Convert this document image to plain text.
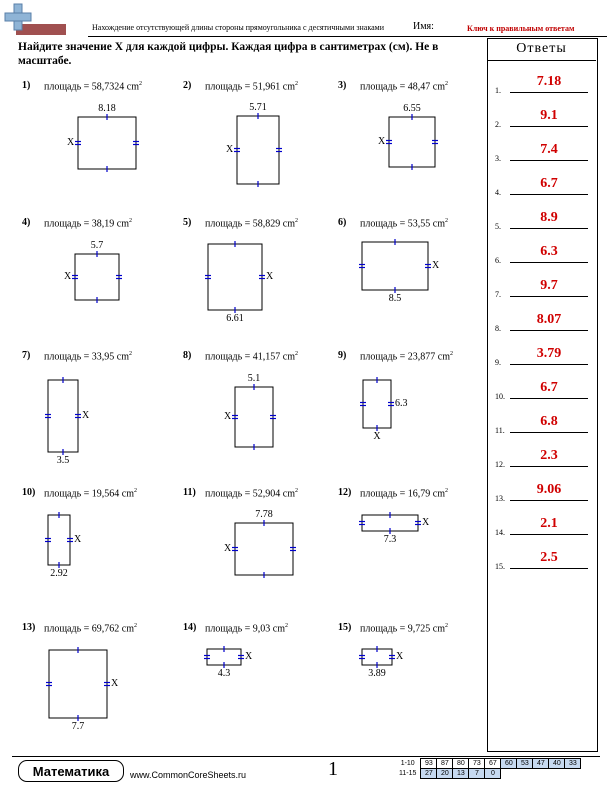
Нахождение отсутствующей длины стороны прямоугольника с десятичными знаками	Имя:	Ключ к правильным ответам
Найдите значение X для каждой цифры. Каждая цифра в сантиметрах (см). Не в масштабе.
Ответы
1.
7.18
2.
9.1
3.
7.4
4.
6.7
5.
8.9
6.
6.3
7.
9.7
8.
8.07
9.
3.79
10.
6.7
11.
6.8
12.
2.3
13.
9.06
14.
2.1
15.
2.5
1) площадь = 58,7324 $cm^2$
8.18
X
2) площадь = 51,961 $cm^2$
5.71
X
3) площадь = 48,47 $cm^2$
6.55
X
4) площадь = 38,19 $cm^2$
5.7
X
5) площадь = 58,829 $cm^2$
6.61
X
6) площадь = 53,55 $cm^2$
8.5
X
7) площадь = 33,95 $cm^2$
3.5
X
8) площадь = 41,157 $cm^2$
5.1
X
9) площадь = 23,877 $cm^2$
6.3
X
10) площадь = 19,564 $cm^2$
2.92
X
11) площадь = 52,904 $cm^2$
7.78
X
12) площадь = 16,79 $cm^2$
7.3
X
13) площадь = 69,762 $cm^2$
7.7
X
14) площадь = 9,03 $cm^2$
4.3
X
15) площадь = 9,725 $cm^2$
3.89
X
Математика	www.CommonCoreSheets.ru	1	1-10	93	87	80	73	67	60	53	47	40	33
11-15	27	20	13	7	0					
